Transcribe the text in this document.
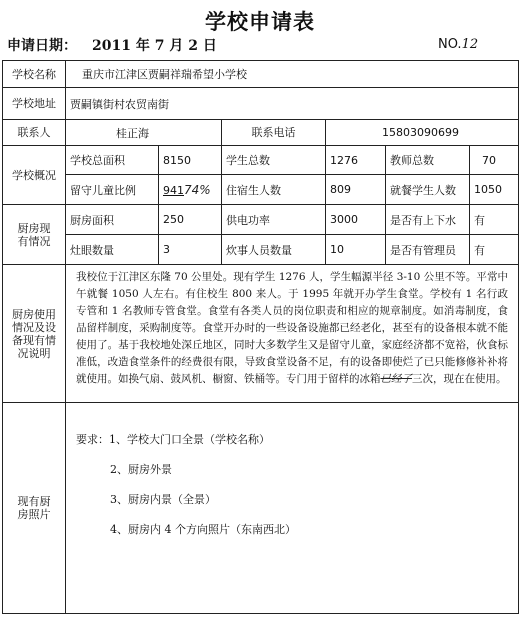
学校申请表
申请日期： 2011 年 7 月 2 日	NO.12
学校名称	重庆市江津区贾嗣祥瑞希望小学校					
学校地址	贾嗣镇街村农贸南街					
联系人	桂正海		联系电话	15803090699		
学校概况	学校总面积	8150	学生总数	1276	教师总数	70
	留守儿童比例	94174%	住宿生人数	809	就餐学生人数	1050
厨房现有情况	厨房面积	250	供电功率	3000	是否有上下水	有
	灶眼数量	3	炊事人员数量	10	是否有管理员	有
厨房使用情况及设备现有情况说明	我校位于江津区东隆 70 公里处。现有学生 1276 人，学生幅源半径 3-10 公里不等。平常中午就餐 1050 人左右。有住校生 800 来人。于 1995 年就开办学生食堂。学校有 1 名行政专管和 1 名教师专管食堂。食堂有各类人员的岗位职责和相应的规章制度。如消毒制度，食品留样制度，采购制度等。食堂开办时的一些设备设施都已经老化，甚至有的设备根本就不能使用了。基于我校地处深丘地区，同时大多数学生又是留守儿童，家庭经济都不宽裕，伙食标准低，改造食堂条件的经费很有限，导致食堂设备不足，有的设备即使烂了已只能修修补补将就使用。如换气扇、鼓风机、橱窗、铁桶等。专门用于留样的冰箱已经了三次，现在在使用。					

现有厨房照片	要求：1、学校大门口全景（学校名称）
2、厨房外景
3、厨房内景（全景）
4、厨房内 4 个方向照片（东南西北）					
